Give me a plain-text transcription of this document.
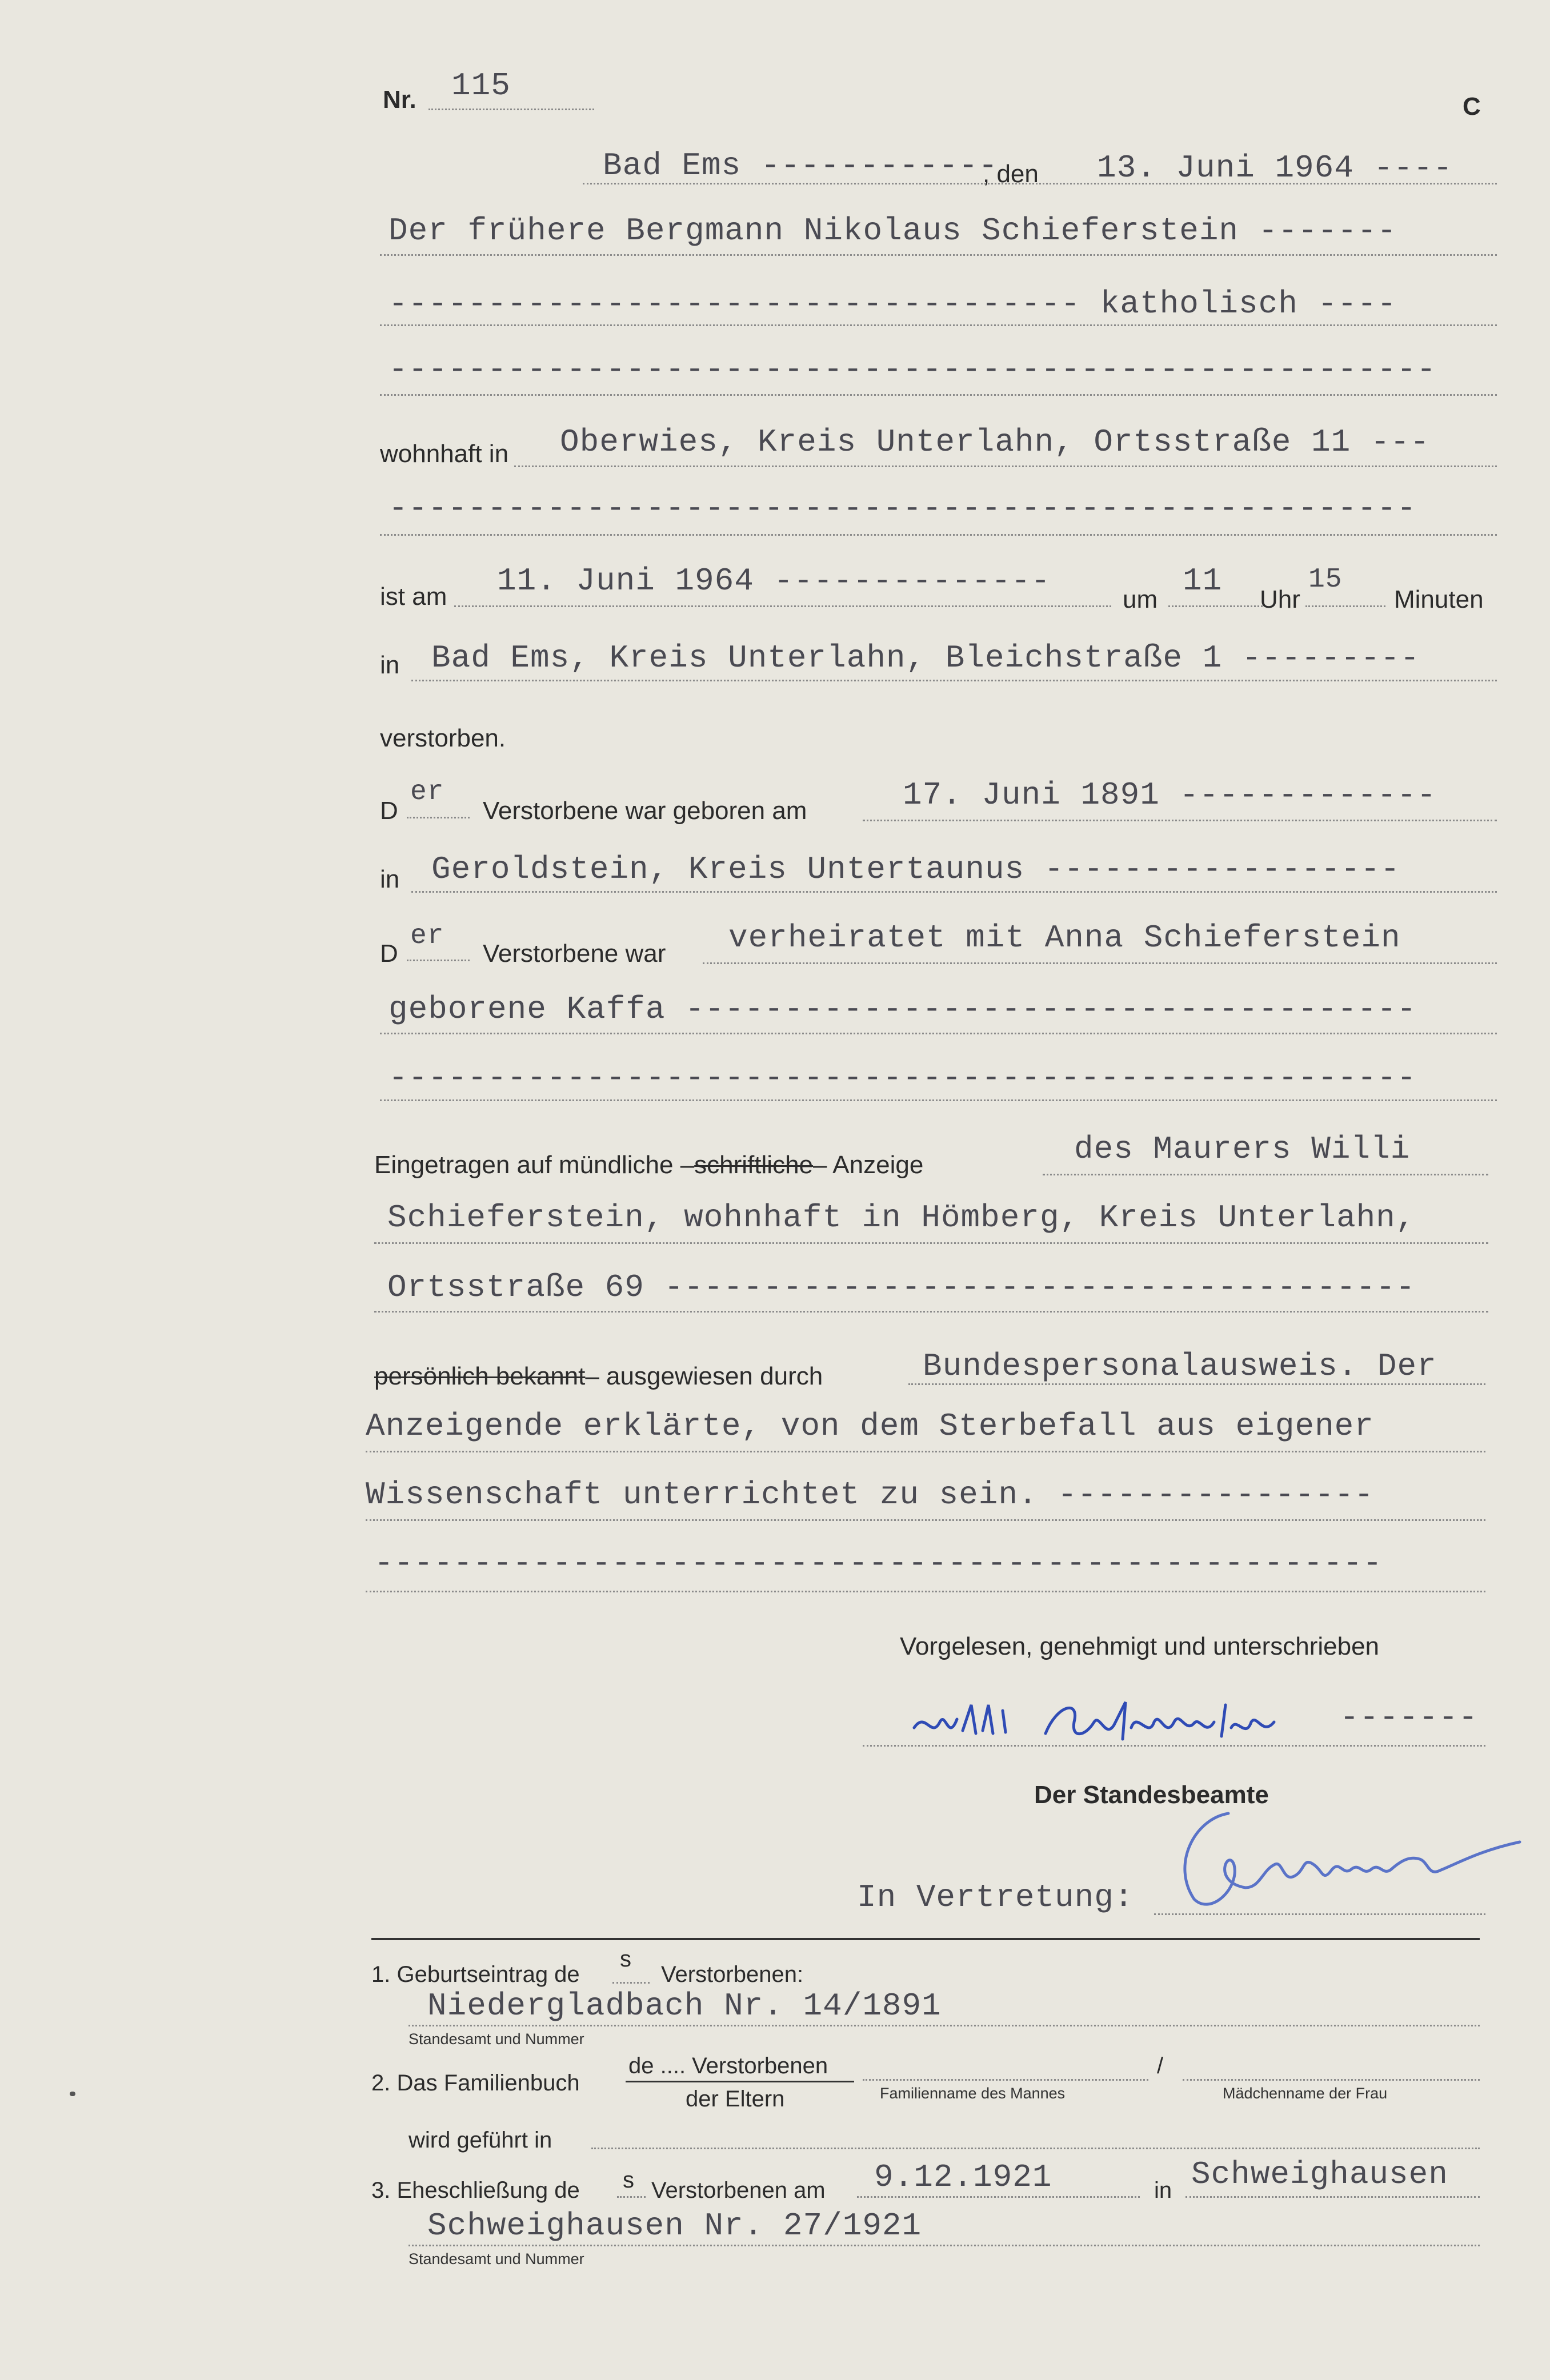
Nr. 115
C
Bad Ems ------------
, den 13. Juni 1964 ----
Der frühere Bergmann Nikolaus Schieferstein -------
----------------------------------- katholisch ----
-----------------------------------------------------
wohnhaft in Oberwies, Kreis Unterlahn, Ortsstraße 11 ---
----------------------------------------------------
ist am 11. Juni 1964 --------------
um
11
Uhr
15
Minuten
in Bad Ems, Kreis Unterlahn, Bleichstraße 1 ---------
verstorben.
D
er
Verstorbene war geboren am	17. Juni 1891 -------------
in Geroldstein, Kreis Untertaunus ------------------
D
er
Verstorbene war verheiratet mit Anna Schieferstein
geborene Kaffa -------------------------------------
----------------------------------------------------
Eingetragen auf mündliche –schriftliche– Anzeige	des Maurers Willi
Schieferstein, wohnhaft in Hömberg, Kreis Unterlahn,
Ortsstraße 69 --------------------------------------
persönlich bekannt– ausgewiesen durch	Bundespersonalausweis. Der
Anzeigende erklärte, von dem Sterbefall aus eigener
Wissenschaft unterrichtet zu sein. ----------------
---------------------------------------------------
Vorgelesen, genehmigt und unterschrieben
-------
Der Standesbeamte
In Vertretung:
1. Geburtseintrag de
s
Verstorbenen:
Niedergladbach Nr. 14/1891
Standesamt und Nummer
2. Das Familienbuch
de .... Verstorbenen
der Eltern
/
Familienname des Mannes	Mädchenname der Frau
wird geführt in
3. Eheschließung de s Verstorbenen am 9.12.1921	in Schweighausen
Schweighausen Nr. 27/1921
Standesamt und Nummer
